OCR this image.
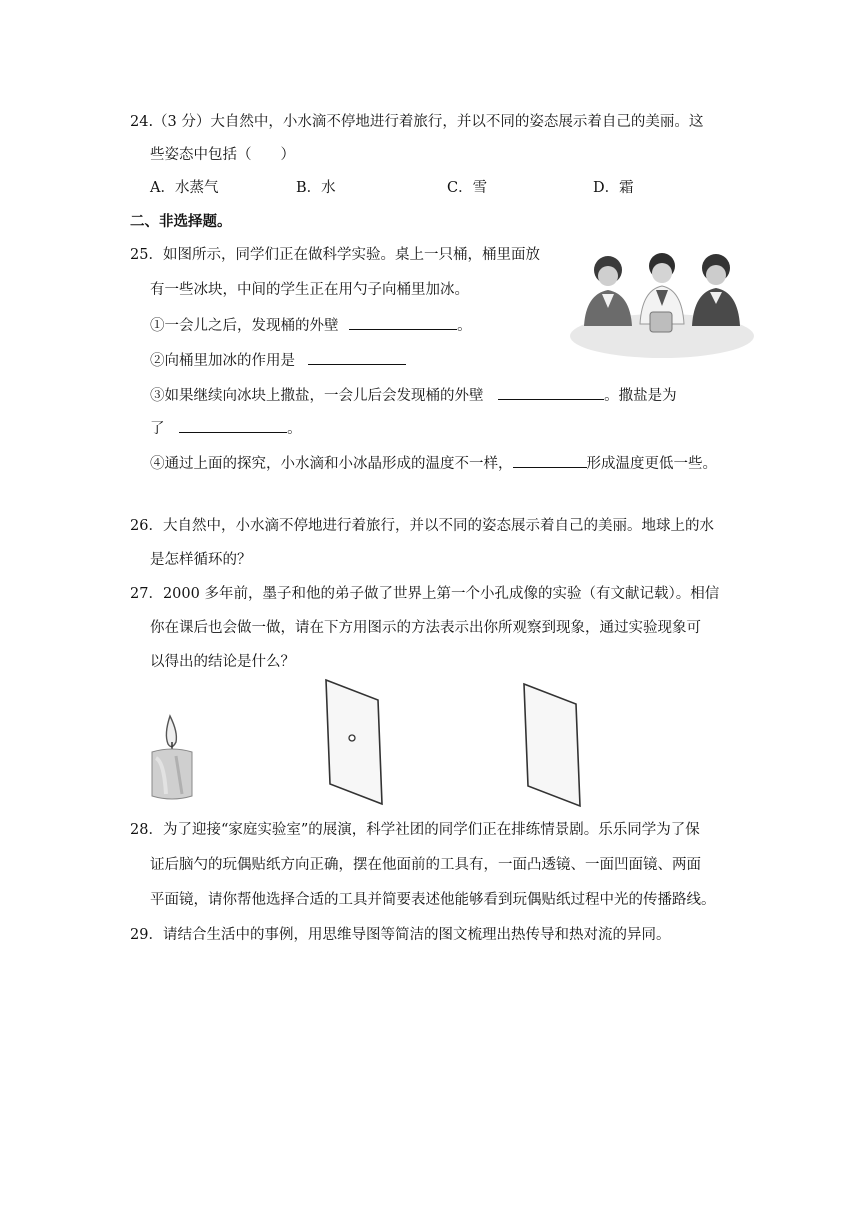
24.（3 分）大自然中，小水滴不停地进行着旅行，并以不同的姿态展示着自己的美丽。这
些姿态中包括（　　）
A．水蒸气	B．水	C．雪	D．霜
二、非选择题。
25．如图所示，同学们正在做科学实验。桌上一只桶，桶里面放
有一些冰块，中间的学生正在用勺子向桶里加冰。
①一会儿之后，发现桶的外壁	。
②向桶里加冰的作用是
③如果继续向冰块上撒盐，一会儿后会发现桶的外壁	。撒盐是为
了	。
④通过上面的探究，小水滴和小冰晶形成的温度不一样，	形成温度更低一些。
26．大自然中，小水滴不停地进行着旅行，并以不同的姿态展示着自己的美丽。地球上的水
是怎样循环的？
27．2000 多年前，墨子和他的弟子做了世界上第一个小孔成像的实验（有文献记载）。相信
你在课后也会做一做，请在下方用图示的方法表示出你所观察到现象，通过实验现象可
以得出的结论是什么？
28．为了迎接“家庭实验室”的展演，科学社团的同学们正在排练情景剧。乐乐同学为了保
证后脑勺的玩偶贴纸方向正确，摆在他面前的工具有，一面凸透镜、一面凹面镜、两面
平面镜，请你帮他选择合适的工具并简要表述他能够看到玩偶贴纸过程中光的传播路线。
29．请结合生活中的事例，用思维导图等简洁的图文梳理出热传导和热对流的异同。
